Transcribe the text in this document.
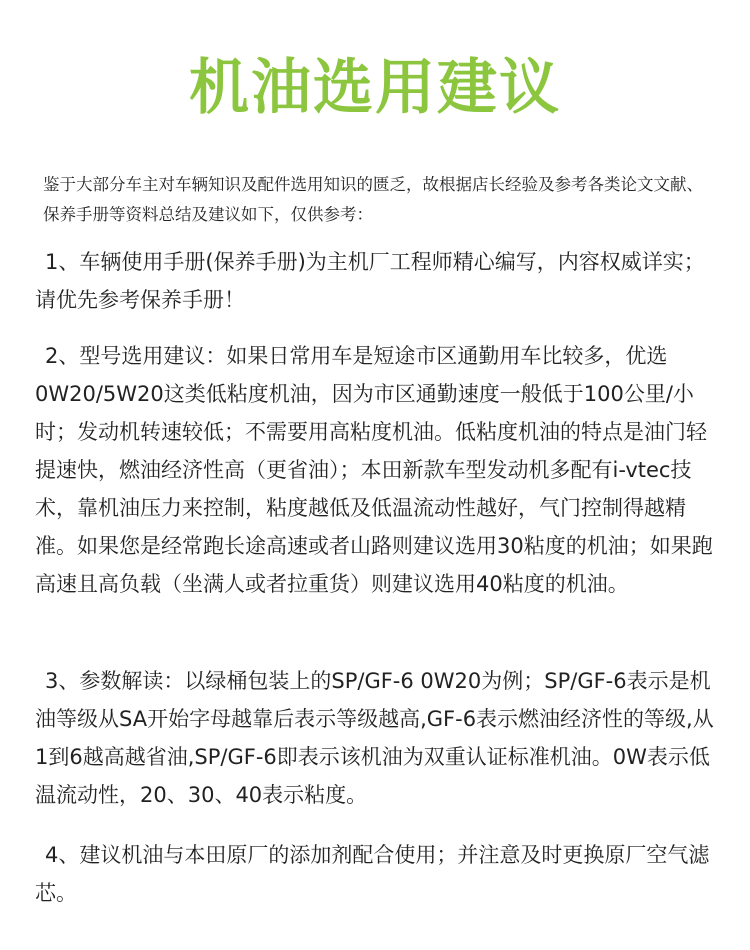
机油选用建议

鉴于大部分车主对车辆知识及配件选用知识的匮乏，故根据店长经验及参考各类论文文献、保养手册等资料总结及建议如下，仅供参考：

1、车辆使用手册(保养手册)为主机厂工程师精心编写，内容权威详实；请优先参考保养手册！

2、型号选用建议：如果日常用车是短途市区通勤用车比较多，优选0W20/5W20这类低粘度机油，因为市区通勤速度一般低于100公里/小时；发动机转速较低；不需要用高粘度机油。低粘度机油的特点是油门轻提速快，燃油经济性高（更省油）；本田新款车型发动机多配有i-vtec技术，靠机油压力来控制，粘度越低及低温流动性越好，气门控制得越精准。如果您是经常跑长途高速或者山路则建议选用30粘度的机油；如果跑高速且高负载（坐满人或者拉重货）则建议选用40粘度的机油。

3、参数解读：以绿桶包装上的SP/GF-6 0W20为例；SP/GF-6表示是机油等级从SA开始字母越靠后表示等级越高,GF-6表示燃油经济性的等级,从1到6越高越省油,SP/GF-6即表示该机油为双重认证标准机油。0W表示低温流动性，20、30、40表示粘度。

4、建议机油与本田原厂的添加剂配合使用；并注意及时更换原厂空气滤芯。
